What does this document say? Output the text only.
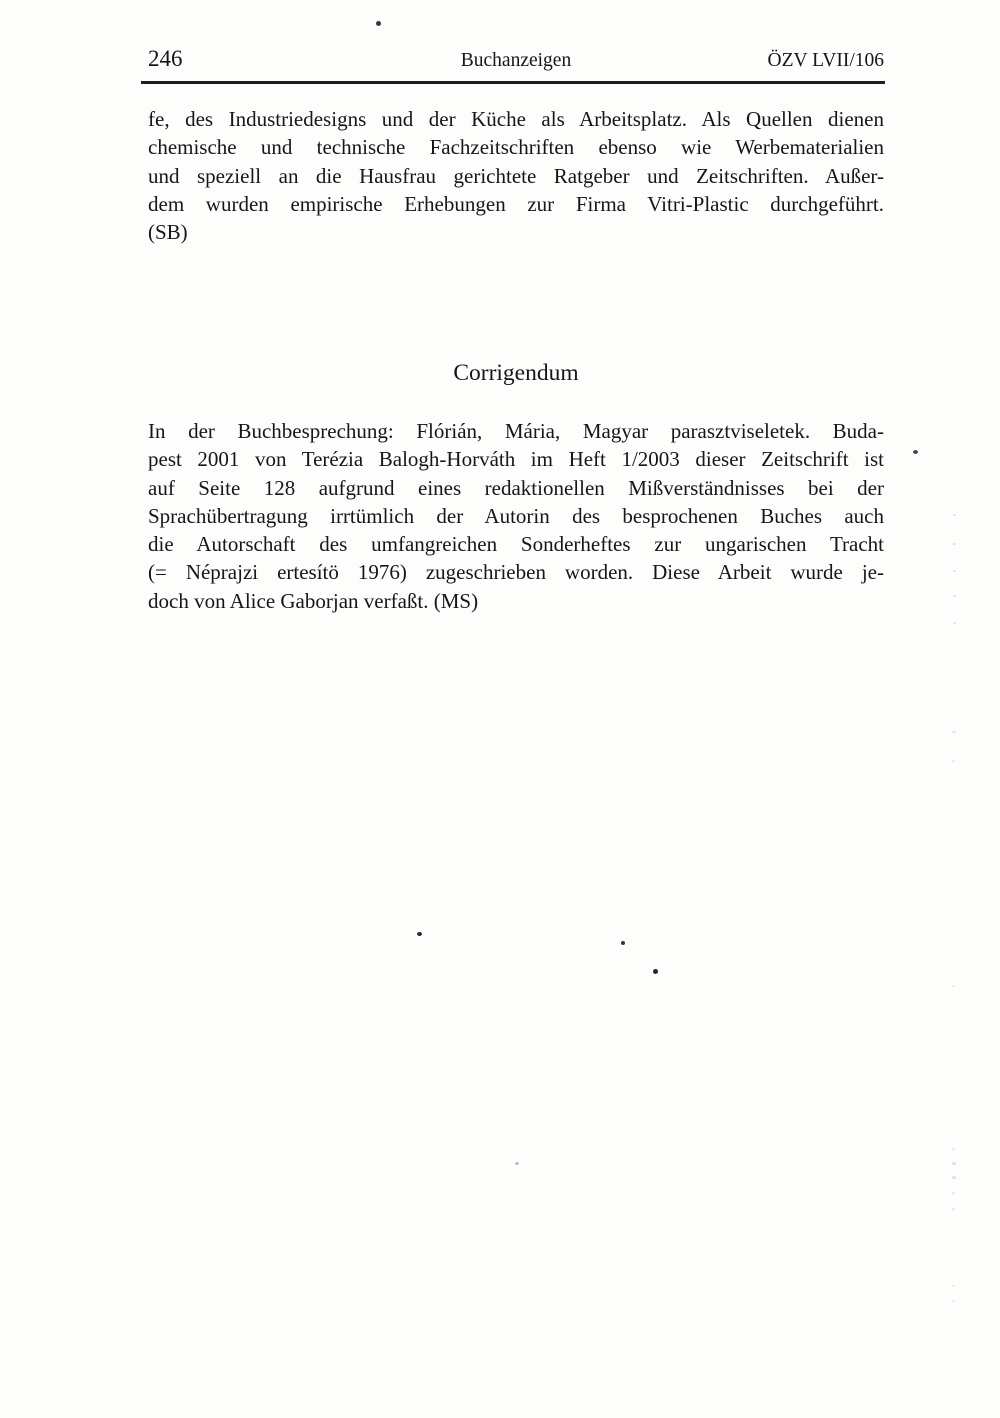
246	Buchanzeigen	ÖZV LVII/106
fe, des Industriedesigns und der Küche als Arbeitsplatz. Als Quellen dienen
chemische und technische Fachzeitschriften ebenso wie Werbematerialien
und speziell an die Hausfrau gerichtete Ratgeber und Zeitschriften. Außer-
dem wurden empirische Erhebungen zur Firma Vitri-Plastic durchgeführt.
(SB)
Corrigendum
In der Buchbesprechung: Flórián, Mária, Magyar parasztviseletek. Buda-
pest 2001 von Terézia Balogh-Horváth im Heft 1/2003 dieser Zeitschrift ist
auf Seite 128 aufgrund eines redaktionellen Mißverständnisses bei der
Sprachübertragung irrtümlich der Autorin des besprochenen Buches auch
die Autorschaft des umfangreichen Sonderheftes zur ungarischen Tracht
(= Néprajzi ertesítö 1976) zugeschrieben worden. Diese Arbeit wurde je-
doch von Alice Gaborjan verfaßt. (MS)
